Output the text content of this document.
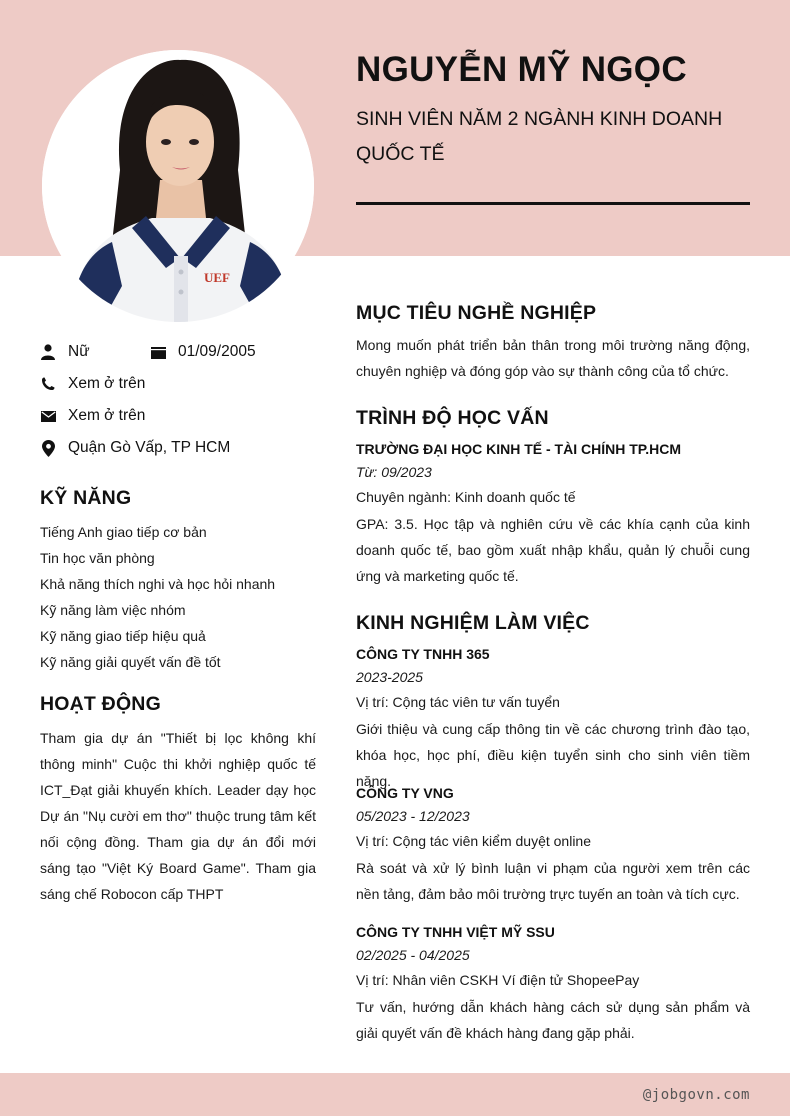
UEF
NGUYỄN MỸ NGỌC
SINH VIÊN NĂM 2 NGÀNH KINH DOANH QUỐC TẾ
Nữ	01/09/2005
Xem ở trên
Xem ở trên
Quận Gò Vấp, TP HCM
KỸ NĂNG
Tiếng Anh giao tiếp cơ bản
Tin học văn phòng
Khả năng thích nghi và học hỏi nhanh
Kỹ năng làm việc nhóm
Kỹ năng giao tiếp hiệu quả
Kỹ năng giải quyết vấn đề tốt
HOẠT ĐỘNG
Tham gia dự án "Thiết bị lọc không khí thông minh" Cuộc thi khởi nghiệp quốc tế ICT_Đạt giải khuyến khích. Leader dạy học Dự án "Nụ cười em thơ" thuộc trung tâm kết nối cộng đồng. Tham gia dự án đổi mới sáng tạo "Việt Ký Board Game". Tham gia sáng chế Robocon cấp THPT
MỤC TIÊU NGHỀ NGHIỆP
Mong muốn phát triển bản thân trong môi trường năng động, chuyên nghiệp và đóng góp vào sự thành công của tổ chức.
TRÌNH ĐỘ HỌC VẤN
TRƯỜNG ĐẠI HỌC KINH TẾ - TÀI CHÍNH TP.HCM
Từ: 09/2023
Chuyên ngành: Kinh doanh quốc tế
GPA: 3.5. Học tập và nghiên cứu về các khía cạnh của kinh doanh quốc tế, bao gồm xuất nhập khẩu, quản lý chuỗi cung ứng và marketing quốc tế.
KINH NGHIỆM LÀM VIỆC
CÔNG TY TNHH 365
2023-2025
Vị trí: Cộng tác viên tư vấn tuyển
Giới thiệu và cung cấp thông tin về các chương trình đào tạo, khóa học, học phí, điều kiện tuyển sinh cho sinh viên tiềm năng.
CÔNG TY VNG
05/2023 - 12/2023
Vị trí: Cộng tác viên kiểm duyệt online
Rà soát và xử lý bình luận vi phạm của người xem trên các nền tảng, đảm bảo môi trường trực tuyến an toàn và tích cực.
CÔNG TY TNHH VIỆT MỸ SSU
02/2025 - 04/2025
Vị trí: Nhân viên CSKH Ví điện tử ShopeePay
Tư vấn, hướng dẫn khách hàng cách sử dụng sản phẩm và giải quyết vấn đề khách hàng đang gặp phải.
@jobgovn.com
